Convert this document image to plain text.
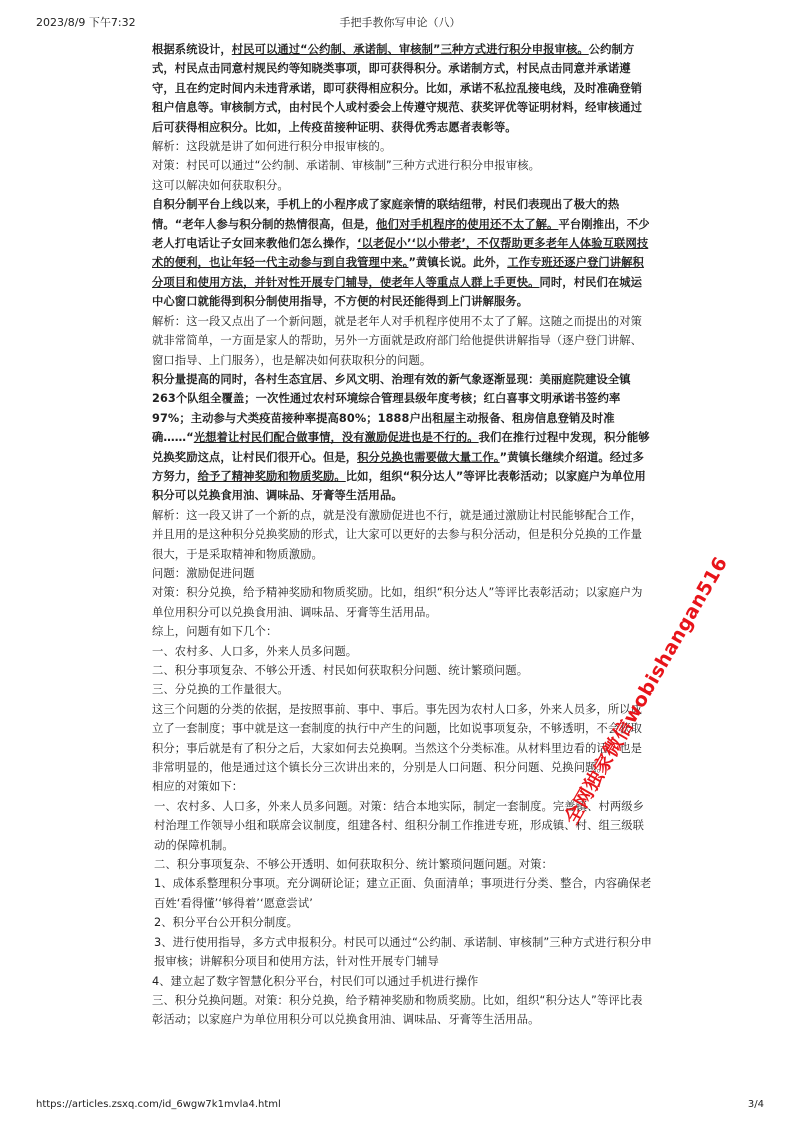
2023/8/9 下午7:32	手把手教你写申论（八）

根据系统设计，村民可以通过“公约制、承诺制、审核制”三种方式进行积分申报审核。公约制方式，村民点击同意村规民约等知晓类事项，即可获得积分。承诺制方式，村民点击同意并承诺遵守，且在约定时间内未违背承诺，即可获得相应积分。比如，承诺不私拉乱接电线，及时准确登销租户信息等。审核制方式，由村民个人或村委会上传遵守规范、获奖评优等证明材料，经审核通过后可获得相应积分。比如，上传疫苗接种证明、获得优秀志愿者表彰等。

解析：这段就是讲了如何进行积分申报审核的。

对策：村民可以通过“公约制、承诺制、审核制”三种方式进行积分申报审核。

这可以解决如何获取积分。

自积分制平台上线以来，手机上的小程序成了家庭亲情的联结纽带，村民们表现出了极大的热情。“老年人参与积分制的热情很高，但是，他们对手机程序的使用还不太了解。平台刚推出，不少老人打电话让子女回来教他们怎么操作，‘以老促小’‘以小带老’，不仅帮助更多老年人体验互联网技术的便利，也让年轻一代主动参与到自我管理中来。”黄镇长说。此外，工作专班还逐户登门讲解积分项目和使用方法，并针对性开展专门辅导，使老年人等重点人群上手更快。同时，村民们在城运中心窗口就能得到积分制使用指导，不方便的村民还能得到上门讲解服务。

解析：这一段又点出了一个新问题，就是老年人对手机程序使用不太了了解。这随之而提出的对策就非常简单，一方面是家人的帮助，另外一方面就是政府部门给他提供讲解指导（逐户登门讲解、窗口指导、上门服务），也是解决如何获取积分的问题。

积分量提高的同时，各村生态宜居、乡风文明、治理有效的新气象逐渐显现：美丽庭院建设全镇263个队组全覆盖；一次性通过农村环境综合管理县级年度考核；红白喜事文明承诺书签约率97%；主动参与犬类疫苗接种率提高80%；1888户出租屋主动报备、租房信息登销及时准确……“光想着让村民们配合做事情，没有激励促进也是不行的。我们在推行过程中发现，积分能够兑换奖励这点，让村民们很开心。但是，积分兑换也需要做大量工作。”黄镇长继续介绍道。经过多方努力，给予了精神奖励和物质奖励。比如，组织“积分达人”等评比表彰活动；以家庭户为单位用积分可以兑换食用油、调味品、牙膏等生活用品。

解析：这一段又讲了一个新的点，就是没有激励促进也不行，就是通过激励让村民能够配合工作，并且用的是这种积分兑换奖励的形式，让大家可以更好的去参与积分活动，但是积分兑换的工作量很大，于是采取精神和物质激励。

问题：激励促进问题

对策：积分兑换，给予精神奖励和物质奖励。比如，组织“积分达人”等评比表彰活动；以家庭户为单位用积分可以兑换食用油、调味品、牙膏等生活用品。

综上，问题有如下几个：

一、农村多、人口多，外来人员多问题。

二、积分事项复杂、不够公开透、村民如何获取积分问题、统计繁琐问题。

三、分兑换的工作量很大。

这三个问题的分类的依据，是按照事前、事中、事后。事先因为农村人口多，外来人员多，所以成立了一套制度；事中就是这一套制度的执行中产生的问题，比如说事项复杂，不够透明，不会获取积分；事后就是有了积分之后，大家如何去兑换啊。当然这个分类标准。从材料里边看的话，也是非常明显的，他是通过这个镇长分三次讲出来的，分别是人口问题、积分问题、兑换问题。

相应的对策如下：

一、农村多、人口多，外来人员多问题。对策：结合本地实际，制定一套制度。完善镇、村两级乡村治理工作领导小组和联席会议制度，组建各村、组积分制工作推进专班，形成镇、村、组三级联动的保障机制。

二、积分事项复杂、不够公开透明、如何获取积分、统计繁琐问题问题。对策：

1、成体系整理积分事项。充分调研论证；建立正面、负面清单；事项进行分类、整合，内容确保老百姓‘看得懂’‘够得着’‘愿意尝试’

2、积分平台公开积分制度。

3、进行使用指导，多方式申报积分。村民可以通过“公约制、承诺制、审核制”三种方式进行积分申报审核；讲解积分项目和使用方法，针对性开展专门辅导

4、建立起了数字智慧化积分平台，村民们可以通过手机进行操作

三、积分兑换问题。对策：积分兑换，给予精神奖励和物质奖励。比如，组织“积分达人”等评比表彰活动；以家庭户为单位用积分可以兑换食用油、调味品、牙膏等生活用品。

全网独家微信wobishangan516
https://articles.zsxq.com/id_6wgw7k1mvla4.html	3/4
